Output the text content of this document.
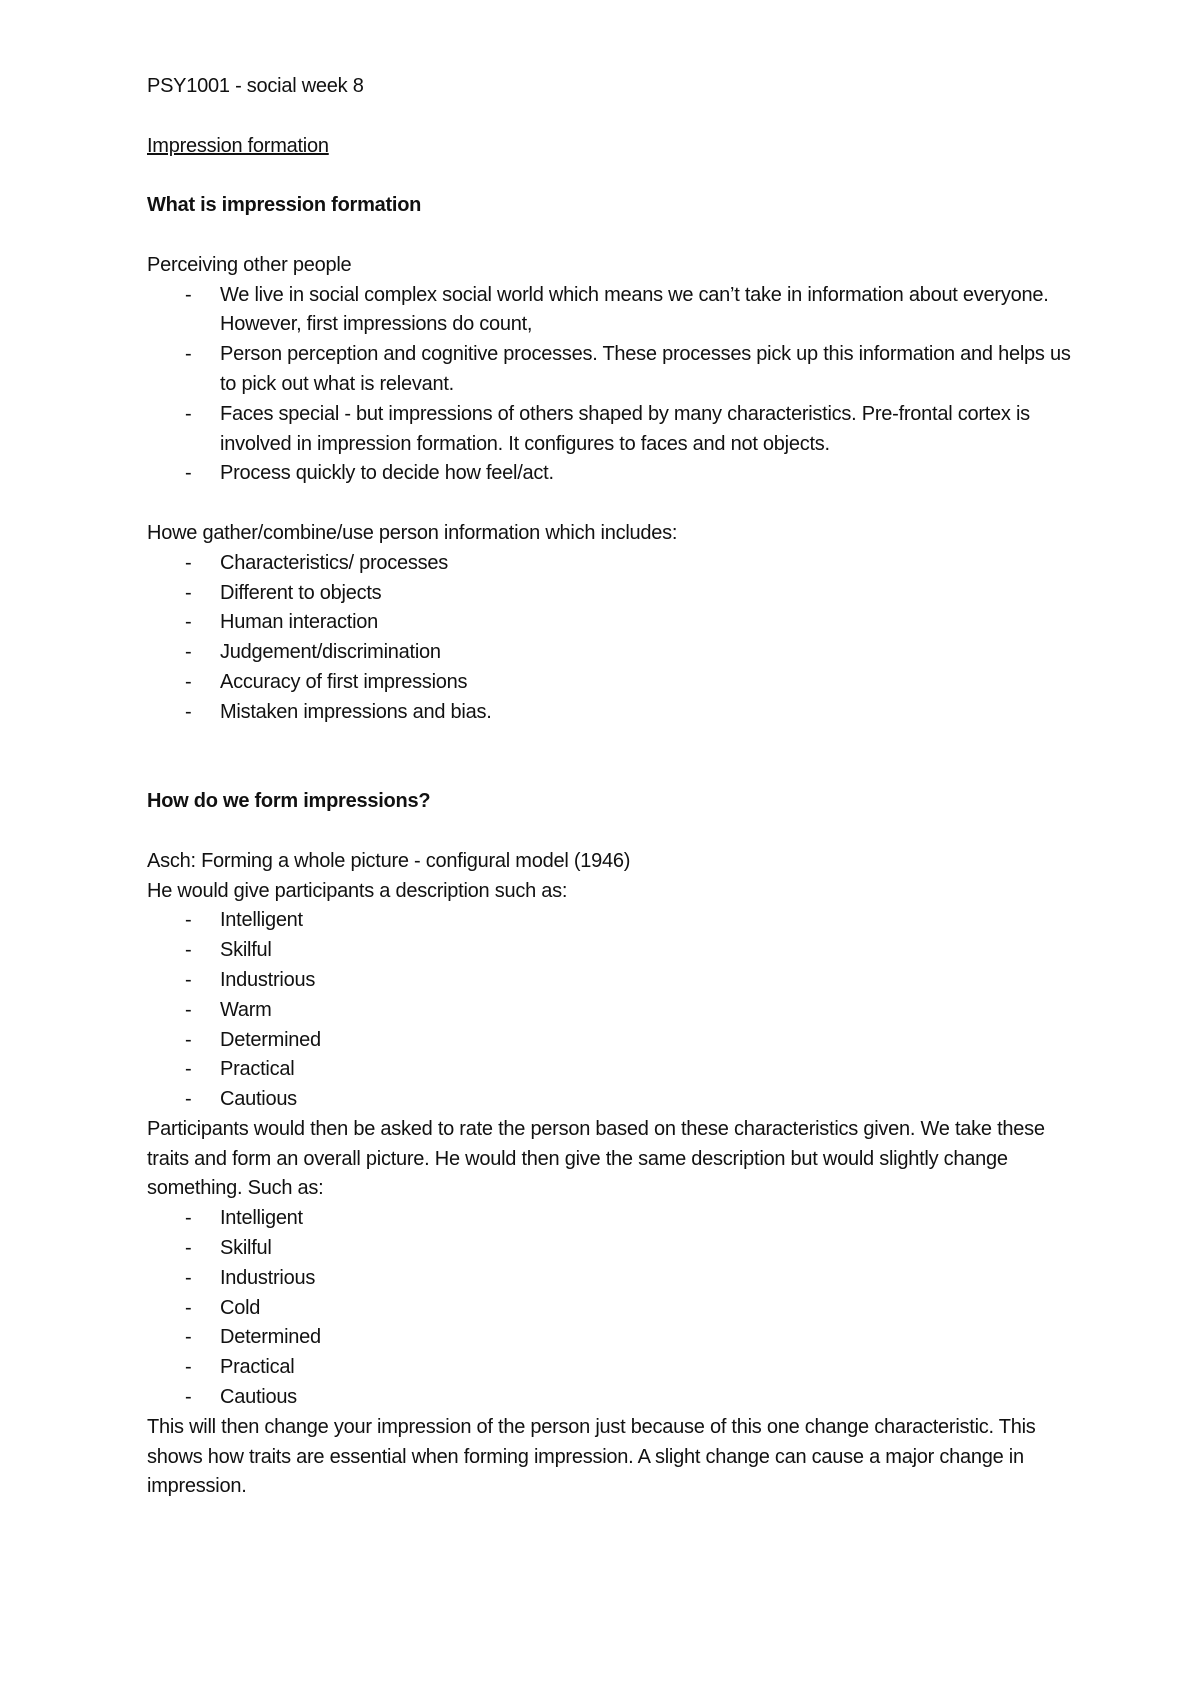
PSY1001 - social week 8

Impression formation

What is impression formation

Perceiving other people

- We live in social complex social world which means we can’t take in information about everyone. However, first impressions do count,
- Person perception and cognitive processes. These processes pick up this information and helps us to pick out what is relevant.
- Faces special - but impressions of others shaped by many characteristics. Pre-frontal cortex is involved in impression formation. It configures to faces and not objects.
- Process quickly to decide how feel/act.

Howe gather/combine/use person information which includes:

- Characteristics/ processes
- Different to objects
- Human interaction
- Judgement/discrimination
- Accuracy of first impressions
- Mistaken impressions and bias.

How do we form impressions?

Asch: Forming a whole picture - configural model (1946)

He would give participants a description such as:

- Intelligent
- Skilful
- Industrious
- Warm
- Determined
- Practical
- Cautious

Participants would then be asked to rate the person based on these characteristics given. We take these traits and form an overall picture. He would then give the same description but would slightly change something. Such as:

- Intelligent
- Skilful
- Industrious
- Cold
- Determined
- Practical
- Cautious

This will then change your impression of the person just because of this one change characteristic. This shows how traits are essential when forming impression. A slight change can cause a major change in impression.
